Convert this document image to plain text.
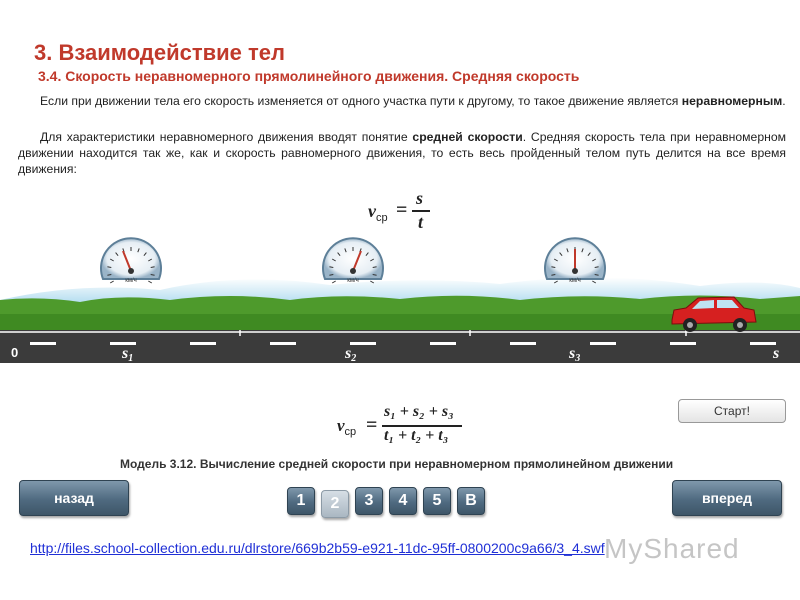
3. Взаимодействие тел
3.4. Скорость неравномерного прямолинейного движения. Средняя скорость

Если при движении тела его скорость изменяется от одного участка пути к другому, то такое движение является неравномерным.

Для характеристики неравномерного движения вводят понятие средней скорости. Средняя скорость тела при неравномерном движении находится так же, как и скорость равномерного движения, то есть весь пройденный телом путь делится на все время движения:

$v_{ср}$ =
s
t
0	s1	s2	s3	s
км/ч	км/ч	км/ч
$v_{ср}$ =
s₁ + s₂ + s₃
t₁ + t₂ + t₃
Старт!

Модель 3.12. Вычисление средней скорости при неравномерном прямолинейном движении

назад	вперед
1	2	3	4	5	В
http://files.school-collection.edu.ru/dlrstore/669b2b59-e921-11dc-95ff-0800200c9a66/3_4.swf MyShared
